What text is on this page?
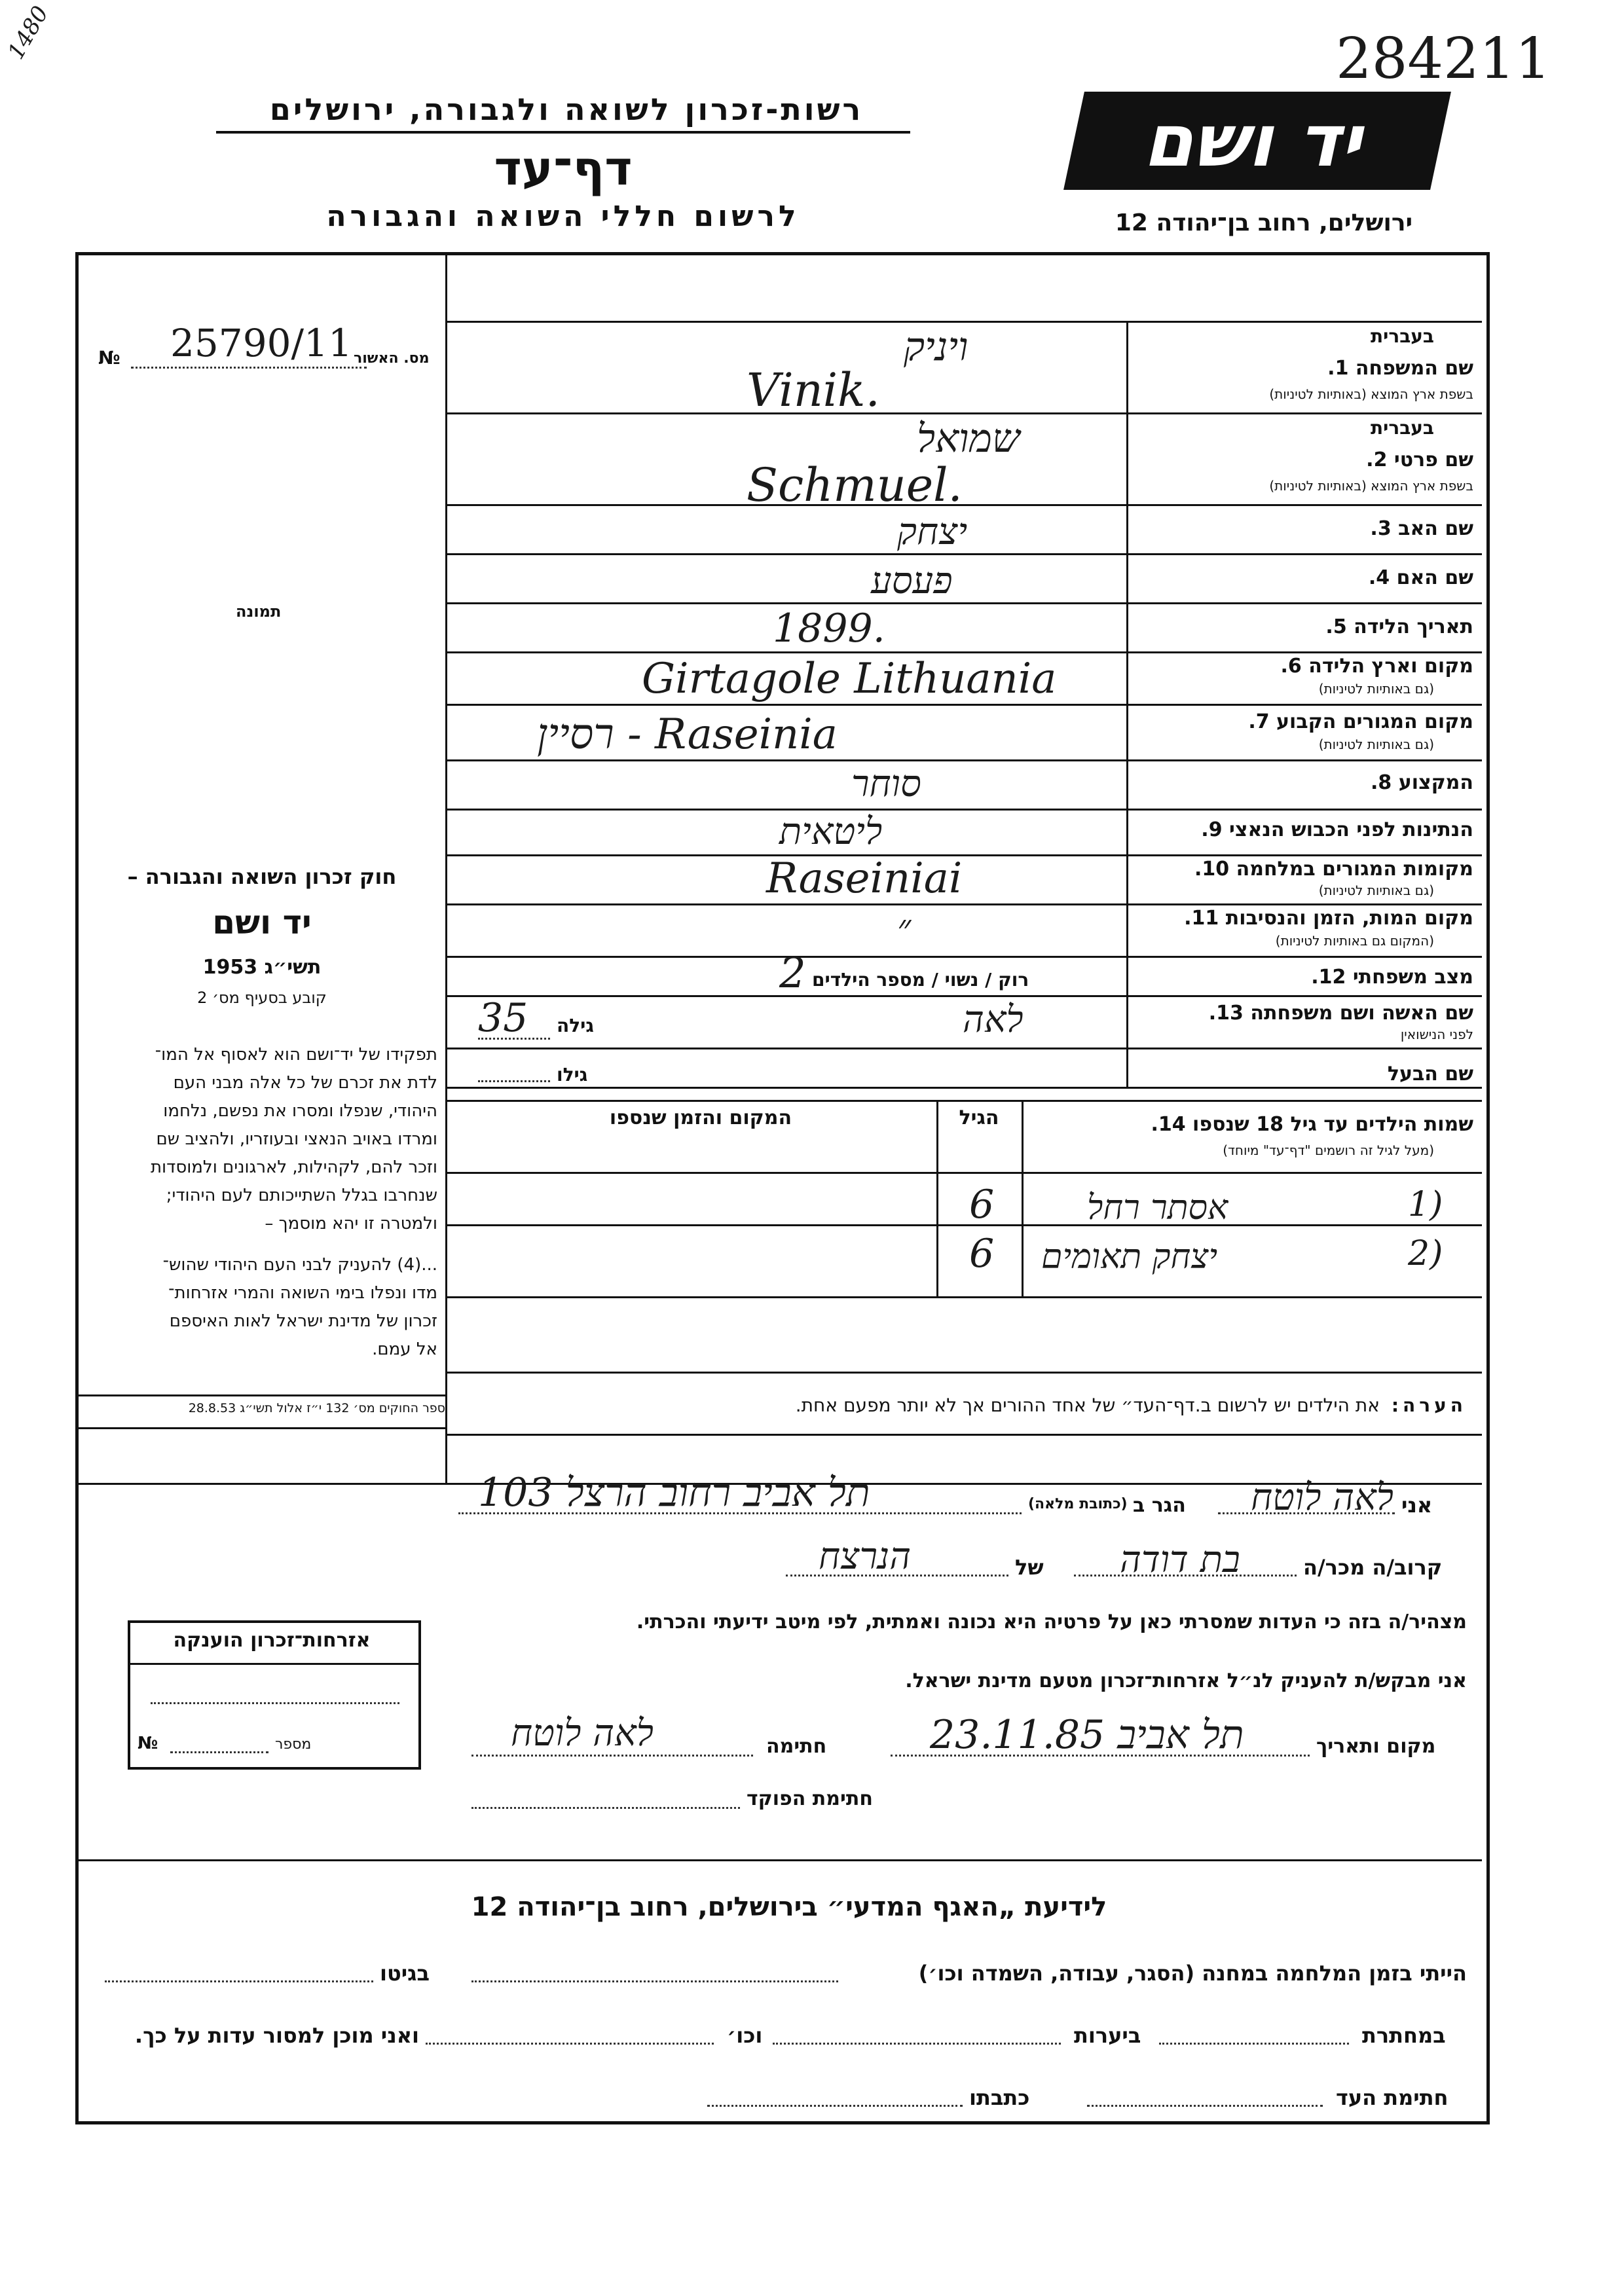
284211
1480
רשות-זכרון לשואה ולגבורה, ירושלים
דף־עד
לרשום חללי השואה והגבורה
יד ושם
ירושלים, רחוב בן־יהודה 12
№ 25790/11 מס. האשור
תמונה
חוק זכרון השואה והגבורה –
יד ושם
תשי״ג 1953
קובע בסעיף מס׳ 2
תפקידו של יד־ושם הוא לאסוף אל המו־
לדת את זכרם של כל אלה מבני העם
היהודי, שנפלו ומסרו את נפשם, נלחמו
ומרדו באויב הנאצי ובעוזריו, ולהציב שם
וזכר להם, לקהילות, לארגונים ולמוסדות
שנחרבו בגלל השתייכותם לעם היהודי;
ולמטרה זו יהא מוסמך –
...(4) להעניק לבני העם היהודי שהוש־
מדו ונפלו בימי השואה והמרי אזרחות־
זכרון של מדינת ישראל לאות האיספם
אל עמם.
ספר החוקים מס׳ 132 י״ז אלול תשי״ג 28.8.53
בעברית
שם המשפחה 1.
בשפת ארץ המוצא (באותיות לטיניות)
ויניק
Vinik.
בעברית
שם פרטי 2.
בשפת ארץ המוצא (באותיות לטיניות)
שמואל
Schmuel.
שם האב 3.
יצחק
שם האם 4.
פעסע
תאריך הלידה 5.
1899.
מקום וארץ הלידה 6.
(גם באותיות לטיניות)
Girtagole Lithuania
מקום המגורים הקבוע 7.
(גם באותיות לטיניות)
רסיין - Raseinia
המקצוע 8.
סוחר
הנתינות לפני הכבוש הנאצי 9.
ליטאית
מקומות המגורים במלחמה 10.
(גם באותיות לטיניות)
Raseiniai
מקום המות, הזמן והנסיבות 11.
(המקום גם באותיות לטיניות)
״
מצב משפחתי 12.
רוק / נשוי / מספר הילדים
2
שם האשה ושם משפחתה 13.
לפני הנישואין
לאה
גילה
35
שם הבעל
גילו
שמות הילדים עד גיל 18 שנספו 14.
(מעל לגיל זה רושמים "דף־עד" מיוחד)
הגיל
המקום והזמן שנספו
1)
אסתר רחל
6
2)
יצחק תאומים
6
הערה:  את הילדים יש לרשום ב.דף־העד״ של אחד ההורים אך לא יותר מפעם אחת.
אני
לאה לוטח
הגר ב
(כתובת מלאה)
תל אביב רחוב הרצל 103
קרוב/ה מכר/ה
בת דודה
של
הנרצח
מצהיר/ה בזה כי העדות שמסרתי כאן על פרטיה היא נכונה ואמתית, לפי מיטב ידיעתי והכרתי.
אני מבקש/ת להעניק לנ״ל אזרחות־זכרון מטעם מדינת ישראל.
מקום ותאריך
תל אביב 23.11.85
חתימה
לאה לוטח
חתימת הפוקד
אזרחות־זכרון הוענקה
מספר
№
לידיעת „האגף המדעי״ בירושלים, רחוב בן־יהודה 12
הייתי בזמן המלחמה במחנה (הסגר, עבודה, השמדה וכו׳)
בגיטו
במחתרת
ביערות
וכו׳
ואני מוכן למסור עדות על כך.
חתימת העד
כתבתו
